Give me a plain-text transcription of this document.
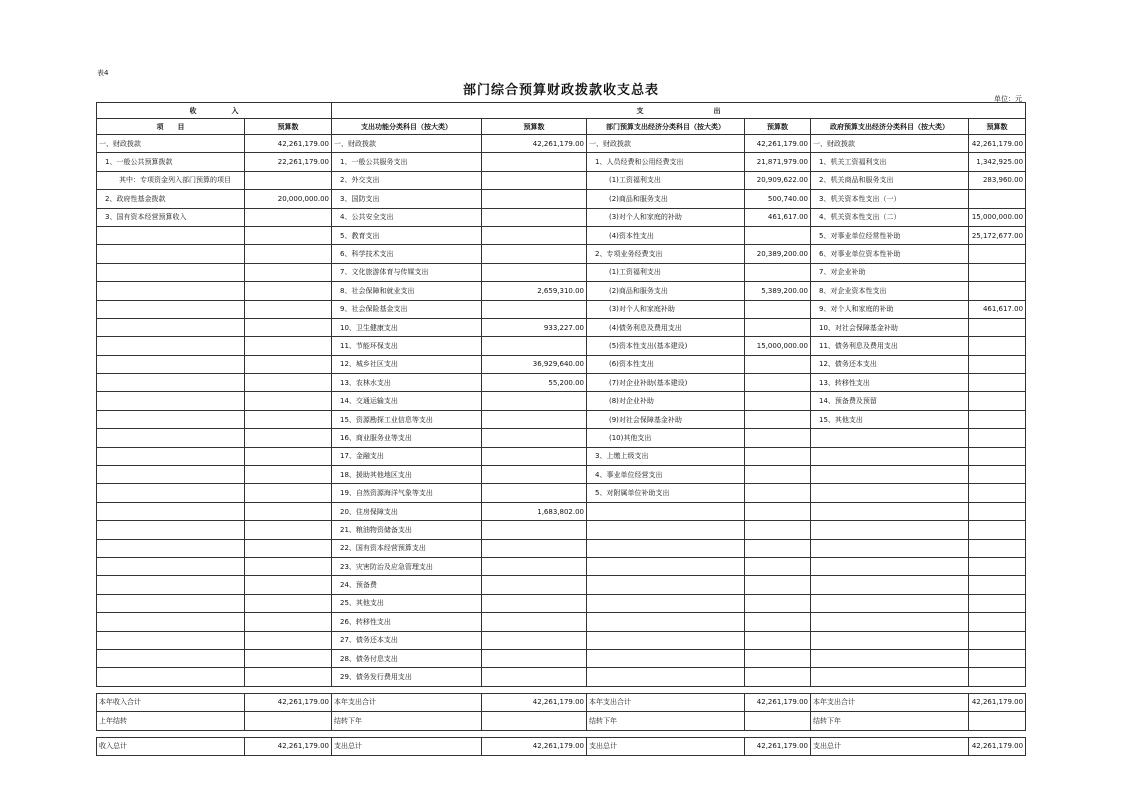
表4
部门综合预算财政拨款收支总表
单位：元
收　　　　　入		支　　　　　　　　　　出					
项　　目	预算数	支出功能分类科目（按大类）	预算数	部门预算支出经济分类科目（按大类）	预算数	政府预算支出经济分类科目（按大类）	预算数
一、财政拨款	42,261,179.00	一、财政拨款	42,261,179.00	一、财政拨款	42,261,179.00	一、财政拨款	42,261,179.00
1、一般公共预算拨款	22,261,179.00	1、一般公共服务支出		1、人员经费和公用经费支出	21,871,979.00	1、机关工资福利支出	1,342,925.00
其中：专项资金列入部门预算的项目		2、外交支出		(1)工资福利支出	20,909,622.00	2、机关商品和服务支出	283,960.00
2、政府性基金拨款	20,000,000.00	3、国防支出		(2)商品和服务支出	500,740.00	3、机关资本性支出（一）	
3、国有资本经营预算收入		4、公共安全支出		(3)对个人和家庭的补助	461,617.00	4、机关资本性支出（二）	15,000,000.00
		5、教育支出		(4)资本性支出		5、对事业单位经常性补助	25,172,677.00
		6、科学技术支出		2、专项业务经费支出	20,389,200.00	6、对事业单位资本性补助	
		7、文化旅游体育与传媒支出		(1)工资福利支出		7、对企业补助	
		8、社会保障和就业支出	2,659,310.00	(2)商品和服务支出	5,389,200.00	8、对企业资本性支出	
		9、社会保险基金支出		(3)对个人和家庭补助		9、对个人和家庭的补助	461,617.00
		10、卫生健康支出	933,227.00	(4)债务利息及费用支出		10、对社会保障基金补助	
		11、节能环保支出		(5)资本性支出(基本建设)	15,000,000.00	11、债务利息及费用支出	
		12、城乡社区支出	36,929,640.00	(6)资本性支出		12、债务还本支出	
		13、农林水支出	55,200.00	(7)对企业补助(基本建设)		13、转移性支出	
		14、交通运输支出		(8)对企业补助		14、预备费及预留	
		15、资源勘探工业信息等支出		(9)对社会保障基金补助		15、其他支出	
		16、商业服务业等支出		(10)其他支出			
		17、金融支出		3、上缴上级支出			
		18、援助其他地区支出		4、事业单位经营支出			
		19、自然资源海洋气象等支出		5、对附属单位补助支出			
		20、住房保障支出	1,683,802.00				
		21、粮油物资储备支出					
		22、国有资本经营预算支出					
		23、灾害防治及应急管理支出					
		24、预备费					
		25、其他支出					
		26、转移性支出					
		27、债务还本支出					
		28、债务付息支出					
		29、债务发行费用支出					

本年收入合计	42,261,179.00	本年支出合计	42,261,179.00	本年支出合计	42,261,179.00	本年支出合计	42,261,179.00
上年结转		结转下年		结转下年		结转下年	

收入总计	42,261,179.00	支出总计	42,261,179.00	支出总计	42,261,179.00	支出总计	42,261,179.00
